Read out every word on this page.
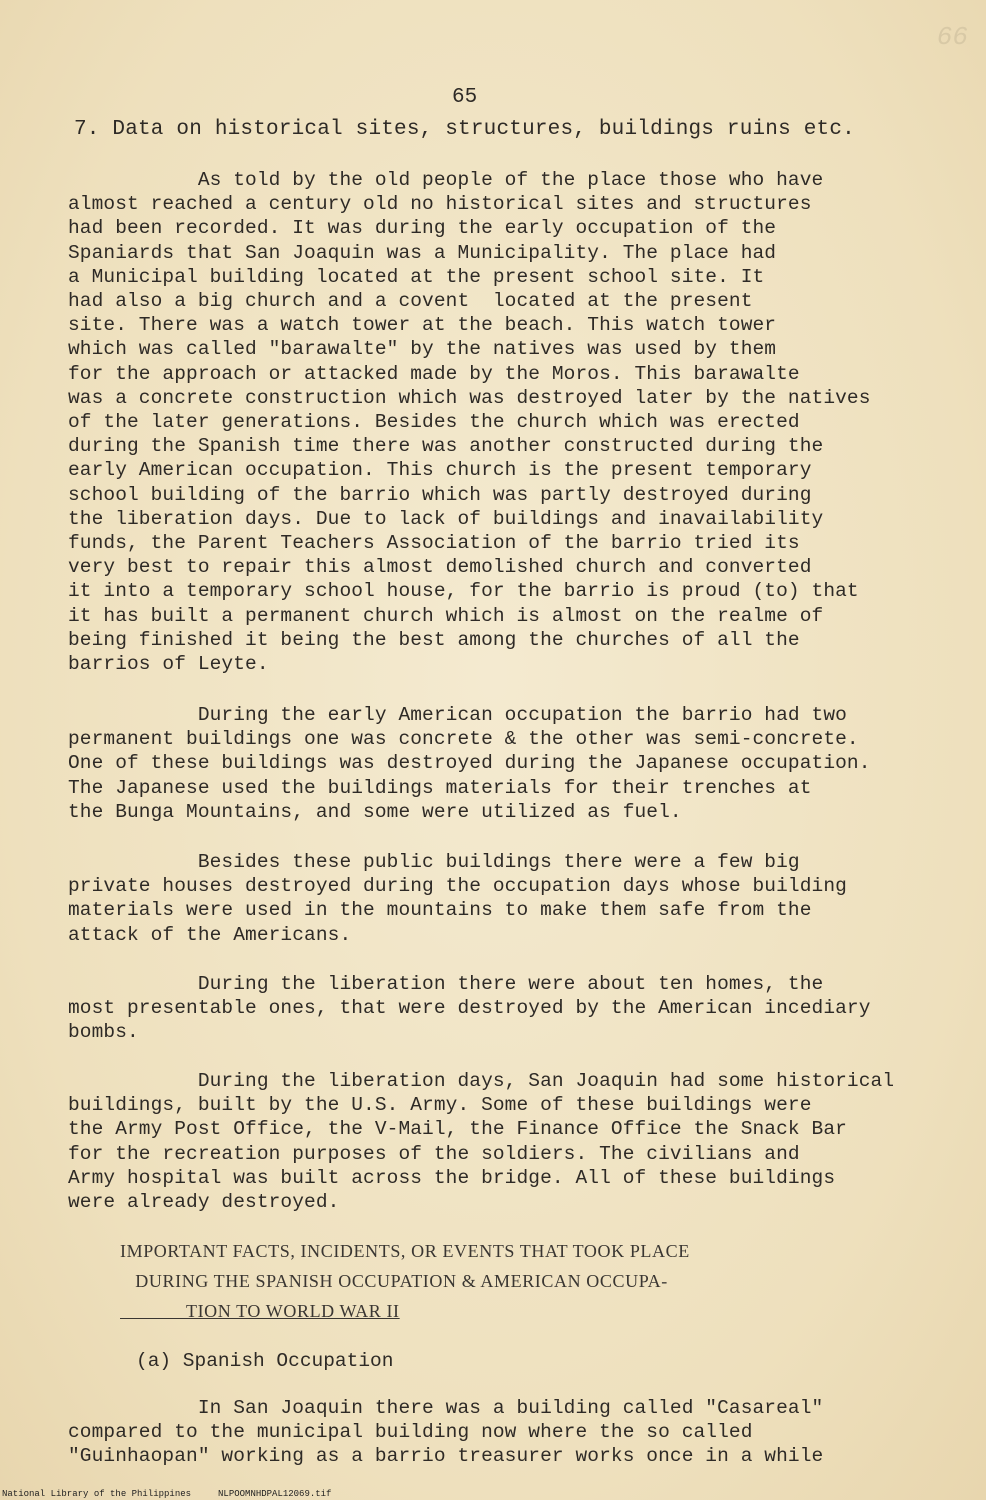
66
65
7. Data on historical sites, structures, buildings ruins etc.
As told by the old people of the place those who have
almost reached a century old no historical sites and structures
had been recorded. It was during the early occupation of the
Spaniards that San Joaquin was a Municipality. The place had
a Municipal building located at the present school site. It
had also a big church and a covent  located at the present
site. There was a watch tower at the beach. This watch tower
which was called "barawalte" by the natives was used by them
for the approach or attacked made by the Moros. This barawalte
was a concrete construction which was destroyed later by the natives
of the later generations. Besides the church which was erected
during the Spanish time there was another constructed during the
early American occupation. This church is the present temporary
school building of the barrio which was partly destroyed during
the liberation days. Due to lack of buildings and inavailability
funds, the Parent Teachers Association of the barrio tried its
very best to repair this almost demolished church and converted
it into a temporary school house, for the barrio is proud (to) that
it has built a permanent church which is almost on the realme of
being finished it being the best among the churches of all the
barrios of Leyte.
During the early American occupation the barrio had two
permanent buildings one was concrete & the other was semi-concrete.
One of these buildings was destroyed during the Japanese occupation.
The Japanese used the buildings materials for their trenches at
the Bunga Mountains, and some were utilized as fuel.
Besides these public buildings there were a few big
private houses destroyed during the occupation days whose building
materials were used in the mountains to make them safe from the
attack of the Americans.
During the liberation there were about ten homes, the
most presentable ones, that were destroyed by the American incediary
bombs.
During the liberation days, San Joaquin had some historical
buildings, built by the U.S. Army. Some of these buildings were
the Army Post Office, the V-Mail, the Finance Office the Snack Bar
for the recreation purposes of the soldiers. The civilians and
Army hospital was built across the bridge. All of these buildings
were already destroyed.
IMPORTANT FACTS, INCIDENTS, OR EVENTS THAT TOOK PLACE
DURING THE SPANISH OCCUPATION & AMERICAN OCCUPA-
TION TO WORLD WAR II
(a) Spanish Occupation
In San Joaquin there was a building called "Casareal"
compared to the municipal building now where the so called
"Guinhaopan" working as a barrio treasurer works once in a while
National Library of the Philippines     NLPOOMNHDPAL12069.tif
